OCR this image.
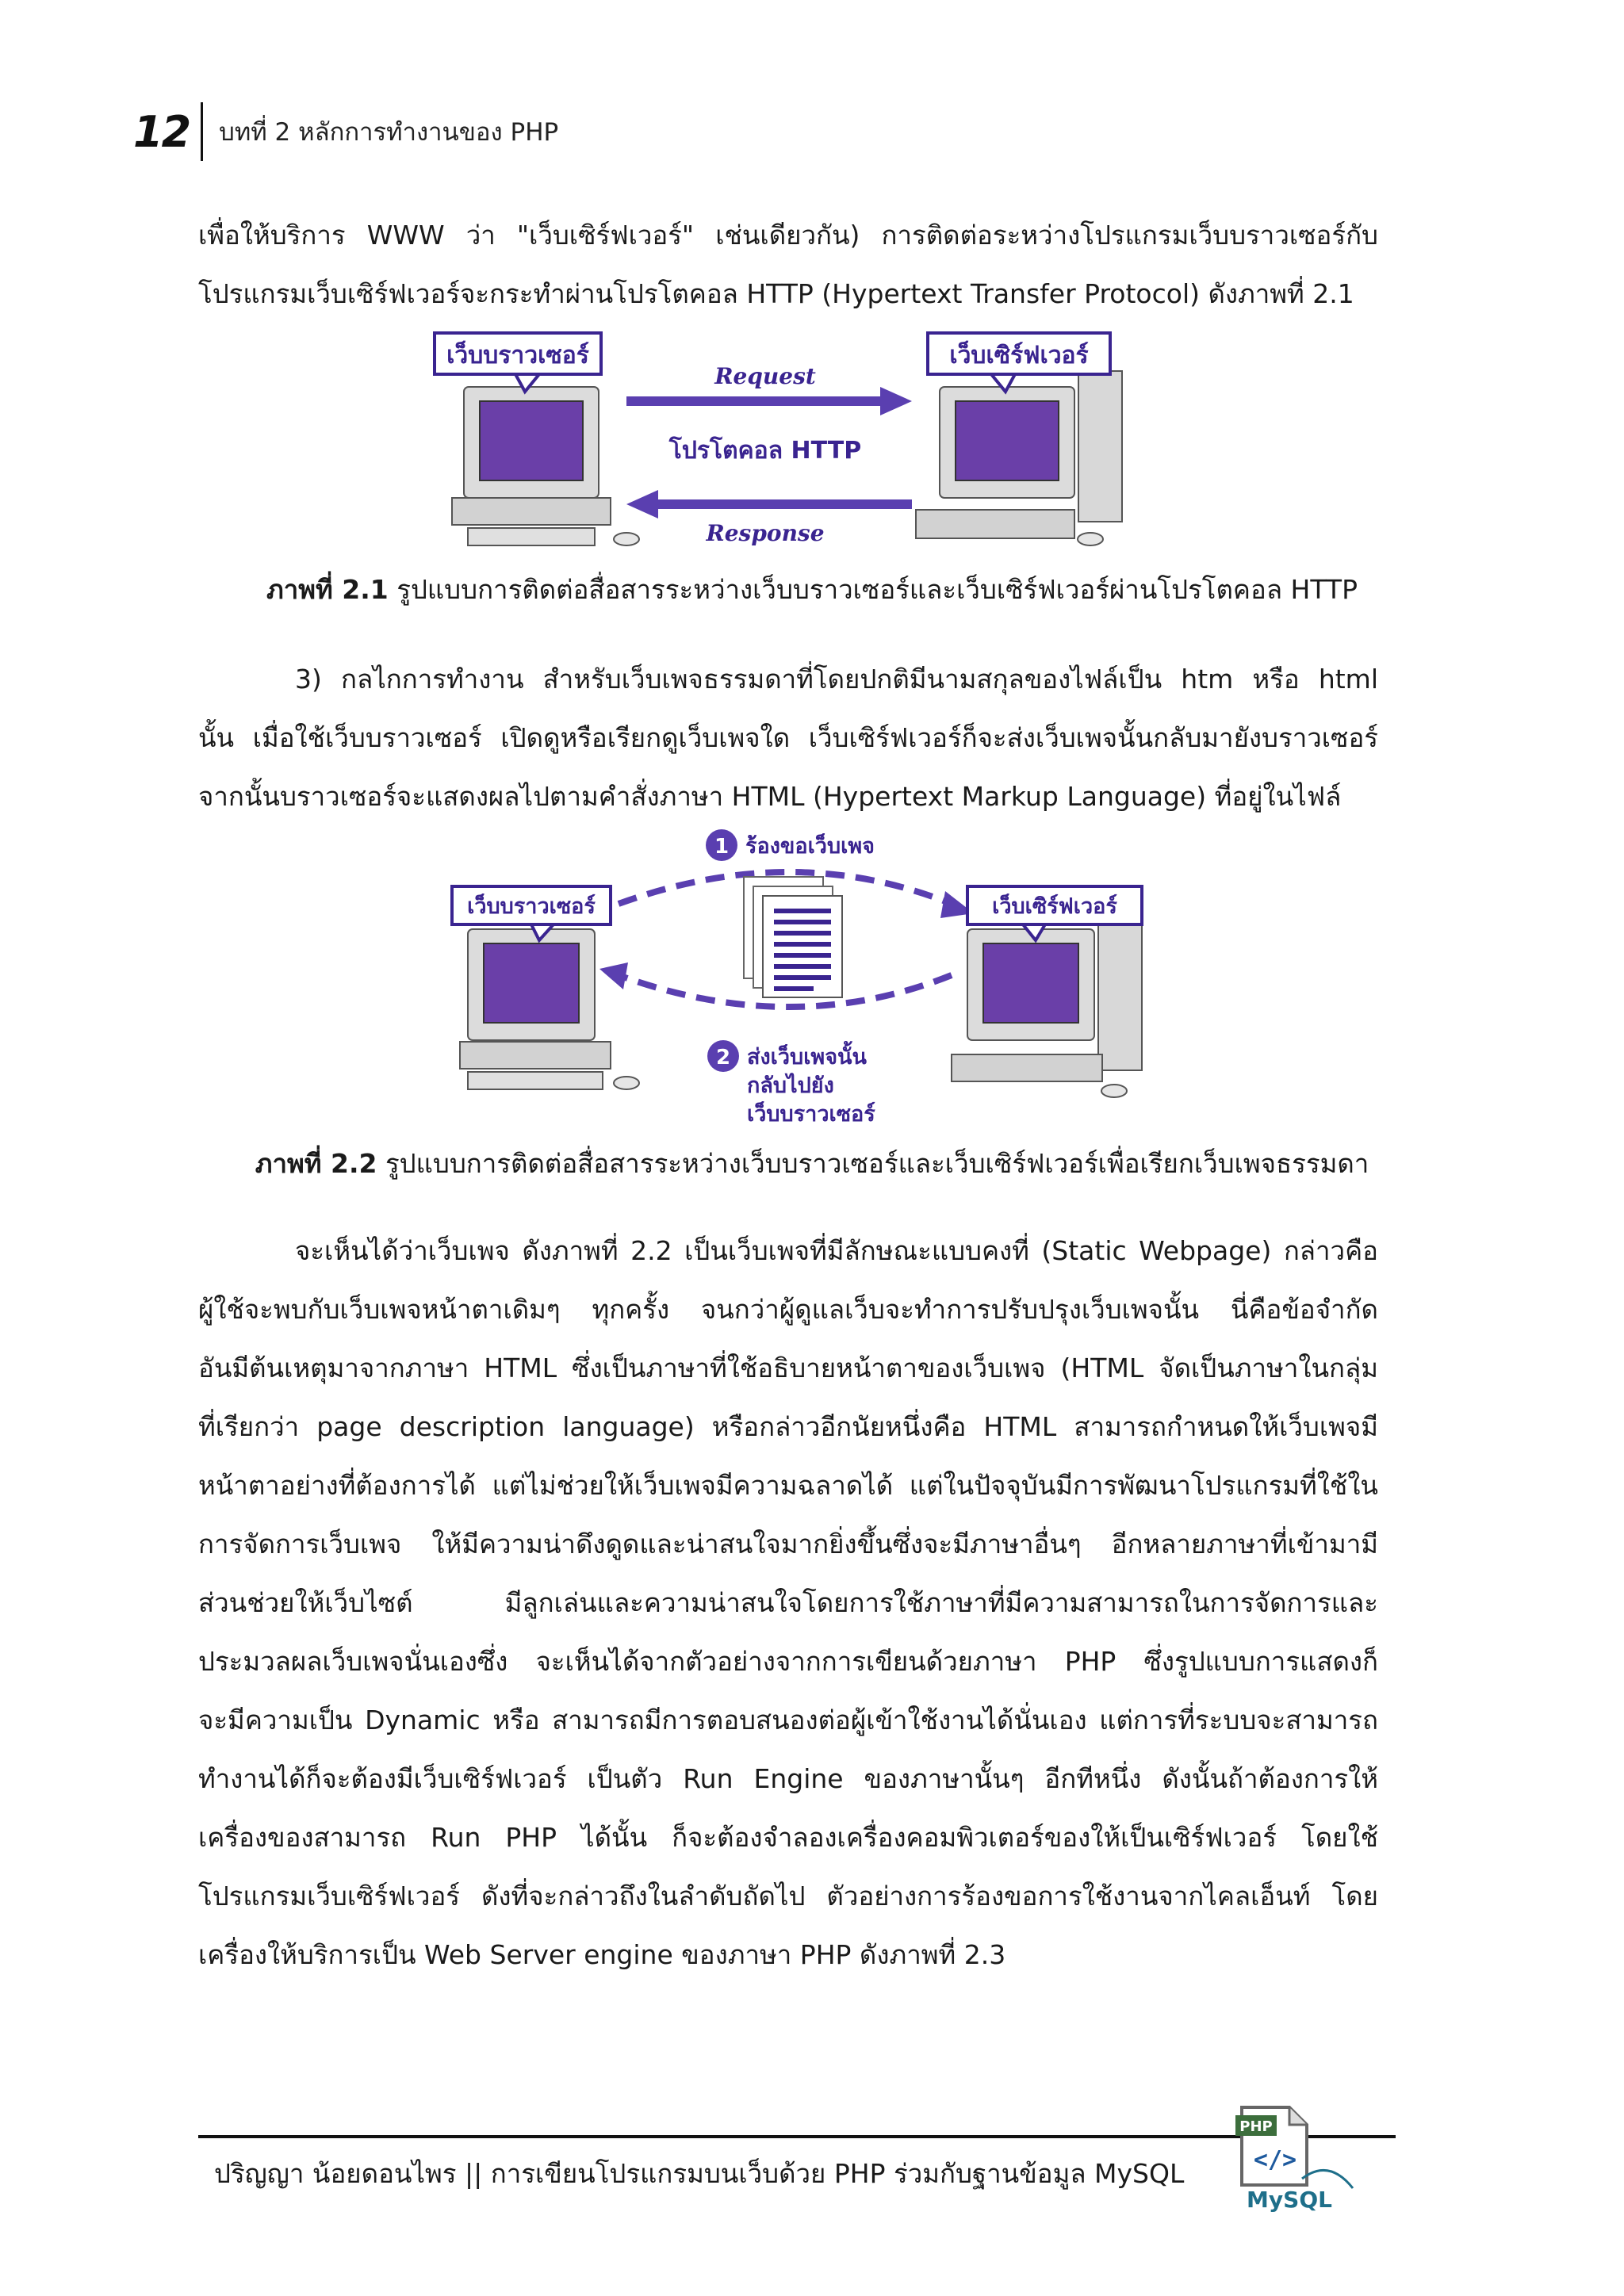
12 บทที่ 2 หลักการทำงานของ PHP

เพื่อให้บริการ WWW ว่า "เว็บเซิร์ฟเวอร์" เช่นเดียวกัน) การติดต่อระหว่างโปรแกรมเว็บบราวเซอร์กับ
โปรแกรมเว็บเซิร์ฟเวอร์จะกระทำผ่านโปรโตคอล HTTP (Hypertext Transfer Protocol) ดังภาพที่ 2.1

เว็บบราวเซอร์	เว็บเซิร์ฟเวอร์
Request
โปรโตคอล HTTP
Response
ภาพที่ 2.1 รูปแบบการติดต่อสื่อสารระหว่างเว็บบราวเซอร์และเว็บเซิร์ฟเวอร์ผ่านโปรโตคอล HTTP

3) กลไกการทำงาน สำหรับเว็บเพจธรรมดาที่โดยปกติมีนามสกุลของไฟล์เป็น htm หรือ html
นั้น เมื่อใช้เว็บบราวเซอร์ เปิดดูหรือเรียกดูเว็บเพจใด เว็บเซิร์ฟเวอร์ก็จะส่งเว็บเพจนั้นกลับมายังบราวเซอร์
จากนั้นบราวเซอร์จะแสดงผลไปตามคำสั่งภาษา HTML (Hypertext Markup Language) ที่อยู่ในไฟล์

1 ร้องขอเว็บเพจ
เว็บบราวเซอร์	เว็บเซิร์ฟเวอร์
2 ส่งเว็บเพจนั้น
กลับไปยัง
เว็บบราวเซอร์
ภาพที่ 2.2 รูปแบบการติดต่อสื่อสารระหว่างเว็บบราวเซอร์และเว็บเซิร์ฟเวอร์เพื่อเรียกเว็บเพจธรรมดา

จะเห็นได้ว่าเว็บเพจ ดังภาพที่ 2.2 เป็นเว็บเพจที่มีลักษณะแบบคงที่ (Static Webpage) กล่าวคือ
ผู้ใช้จะพบกับเว็บเพจหน้าตาเดิมๆ ทุกครั้ง จนกว่าผู้ดูแลเว็บจะทำการปรับปรุงเว็บเพจนั้น นี่คือข้อจำกัด
อันมีต้นเหตุมาจากภาษา HTML ซึ่งเป็นภาษาที่ใช้อธิบายหน้าตาของเว็บเพจ (HTML จัดเป็นภาษาในกลุ่ม
ที่เรียกว่า page description language) หรือกล่าวอีกนัยหนึ่งคือ HTML สามารถกำหนดให้เว็บเพจมี
หน้าตาอย่างที่ต้องการได้ แต่ไม่ช่วยให้เว็บเพจมีความฉลาดได้ แต่ในปัจจุบันมีการพัฒนาโปรแกรมที่ใช้ใน
การจัดการเว็บเพจ ให้มีความน่าดึงดูดและน่าสนใจมากยิ่งขึ้นซึ่งจะมีภาษาอื่นๆ อีกหลายภาษาที่เข้ามามี
ส่วนช่วยให้เว็บไซต์ มีลูกเล่นและความน่าสนใจโดยการใช้ภาษาที่มีความสามารถในการจัดการและ
ประมวลผลเว็บเพจนั่นเองซึ่ง จะเห็นได้จากตัวอย่างจากการเขียนด้วยภาษา PHP ซึ่งรูปแบบการแสดงก็
จะมีความเป็น Dynamic หรือ สามารถมีการตอบสนองต่อผู้เข้าใช้งานได้นั่นเอง แต่การที่ระบบจะสามารถ
ทำงานได้ก็จะต้องมีเว็บเซิร์ฟเวอร์ เป็นตัว Run Engine ของภาษานั้นๆ อีกทีหนึ่ง ดังนั้นถ้าต้องการให้
เครื่องของสามารถ Run PHP ได้นั้น ก็จะต้องจำลองเครื่องคอมพิวเตอร์ของให้เป็นเซิร์ฟเวอร์ โดยใช้
โปรแกรมเว็บเซิร์ฟเวอร์ ดังที่จะกล่าวถึงในลำดับถัดไป ตัวอย่างการร้องขอการใช้งานจากไคลเอ็นท์ โดย
เครื่องให้บริการเป็น Web Server engine ของภาษา PHP ดังภาพที่ 2.3

ปริญญา น้อยดอนไพร || การเขียนโปรแกรมบนเว็บด้วย PHP ร่วมกับฐานข้อมูล MySQL
PHP
</>
MySQL
